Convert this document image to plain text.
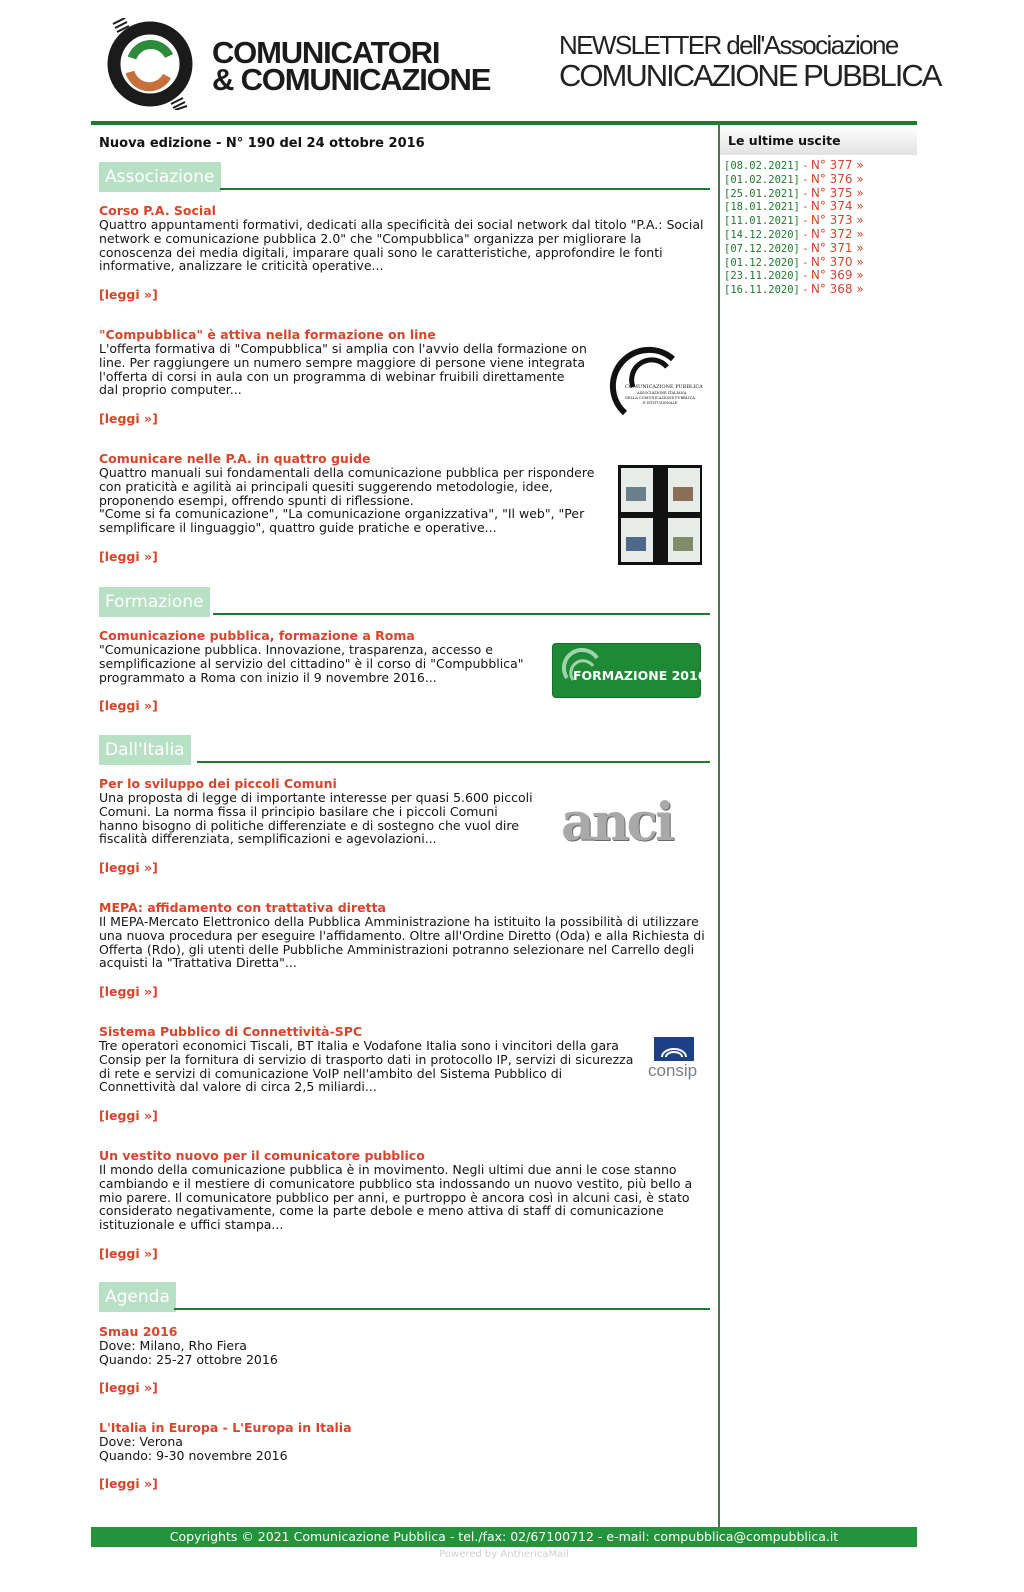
COMUNICATORI
& COMUNICAZIONE
NEWSLETTER dell'Associazione
COMUNICAZIONE PUBBLICA
Nuova edizione - N° 190 del 24 ottobre 2016
Associazione
Corso P.A. Social
Quattro appuntamenti formativi, dedicati alla specificità dei social network dal titolo "P.A.: Social network e comunicazione pubblica 2.0" che "Compubblica" organizza per migliorare la conoscenza dei media digitali, imparare quali sono le caratteristiche, approfondire le fonti informative, analizzare le criticità operative...
[leggi »]
"Compubblica" è attiva nella formazione on line
L'offerta formativa di "Compubblica" si amplia con l'avvio della formazione on line. Per raggiungere un numero sempre maggiore di persone viene integrata l'offerta di corsi in aula con un programma di webinar fruibili direttamente dal proprio computer...
[leggi »]
COMUNICAZIONE PUBBLICA
ASSOCIAZIONE ITALIANA
DELLA COMUNICAZIONE PUBBLICA
E ISTITUZIONALE
Comunicare nelle P.A. in quattro guide
Quattro manuali sui fondamentali della comunicazione pubblica per rispondere con praticità e agilità ai principali quesiti suggerendo metodologie, idee, proponendo esempi, offrendo spunti di riflessione.
"Come si fa comunicazione", "La comunicazione organizzativa", "Il web", "Per semplificare il linguaggio", quattro guide pratiche e operative...
[leggi »]
Formazione
Comunicazione pubblica, formazione a Roma
"Comunicazione pubblica. Innovazione, trasparenza, accesso e semplificazione al servizio del cittadino" è il corso di "Compubblica" programmato a Roma con inizio il 9 novembre 2016...
[leggi »]
FORMAZIONE 2016
Dall'Italia
Per lo sviluppo dei piccoli Comuni
Una proposta di legge di importante interesse per quasi 5.600 piccoli Comuni. La norma fissa il principio basilare che i piccoli Comuni hanno bisogno di politiche differenziate e di sostegno che vuol dire fiscalità differenziata, semplificazioni e agevolazioni...
[leggi »]
anci
MEPA: affidamento con trattativa diretta
Il MEPA-Mercato Elettronico della Pubblica Amministrazione ha istituito la possibilità di utilizzare una nuova procedura per eseguire l'affidamento. Oltre all'Ordine Diretto (Oda) e alla Richiesta di Offerta (Rdo), gli utenti delle Pubbliche Amministrazioni potranno selezionare nel Carrello degli acquisti la "Trattativa Diretta"...
[leggi »]
Sistema Pubblico di Connettività-SPC
Tre operatori economici Tiscali, BT Italia e Vodafone Italia sono i vincitori della gara Consip per la fornitura di servizio di trasporto dati in protocollo IP, servizi di sicurezza di rete e servizi di comunicazione VoIP nell'ambito del Sistema Pubblico di Connettività dal valore di circa 2,5 miliardi...
[leggi »]
consip
Un vestito nuovo per il comunicatore pubblico
Il mondo della comunicazione pubblica è in movimento. Negli ultimi due anni le cose stanno cambiando e il mestiere di comunicatore pubblico sta indossando un nuovo vestito, più bello a mio parere. Il comunicatore pubblico per anni, e purtroppo è ancora così in alcuni casi, è stato considerato negativamente, come la parte debole e meno attiva di staff di comunicazione istituzionale e uffici stampa...
[leggi »]
Agenda
Smau 2016
Dove: Milano, Rho Fiera
Quando: 25-27 ottobre 2016
[leggi »]
L'Italia in Europa - L'Europa in Italia
Dove: Verona
Quando: 9-30 novembre 2016
[leggi »]
Le ultime uscite
[08.02.2021] - N° 377 »
[01.02.2021] - N° 376 »
[25.01.2021] - N° 375 »
[18.01.2021] - N° 374 »
[11.01.2021] - N° 373 »
[14.12.2020] - N° 372 »
[07.12.2020] - N° 371 »
[01.12.2020] - N° 370 »
[23.11.2020] - N° 369 »
[16.11.2020] - N° 368 »
Copyrights © 2021 Comunicazione Pubblica - tel./fax: 02/67100712 - e-mail: compubblica@compubblica.it
Powered by AnthericaMail
